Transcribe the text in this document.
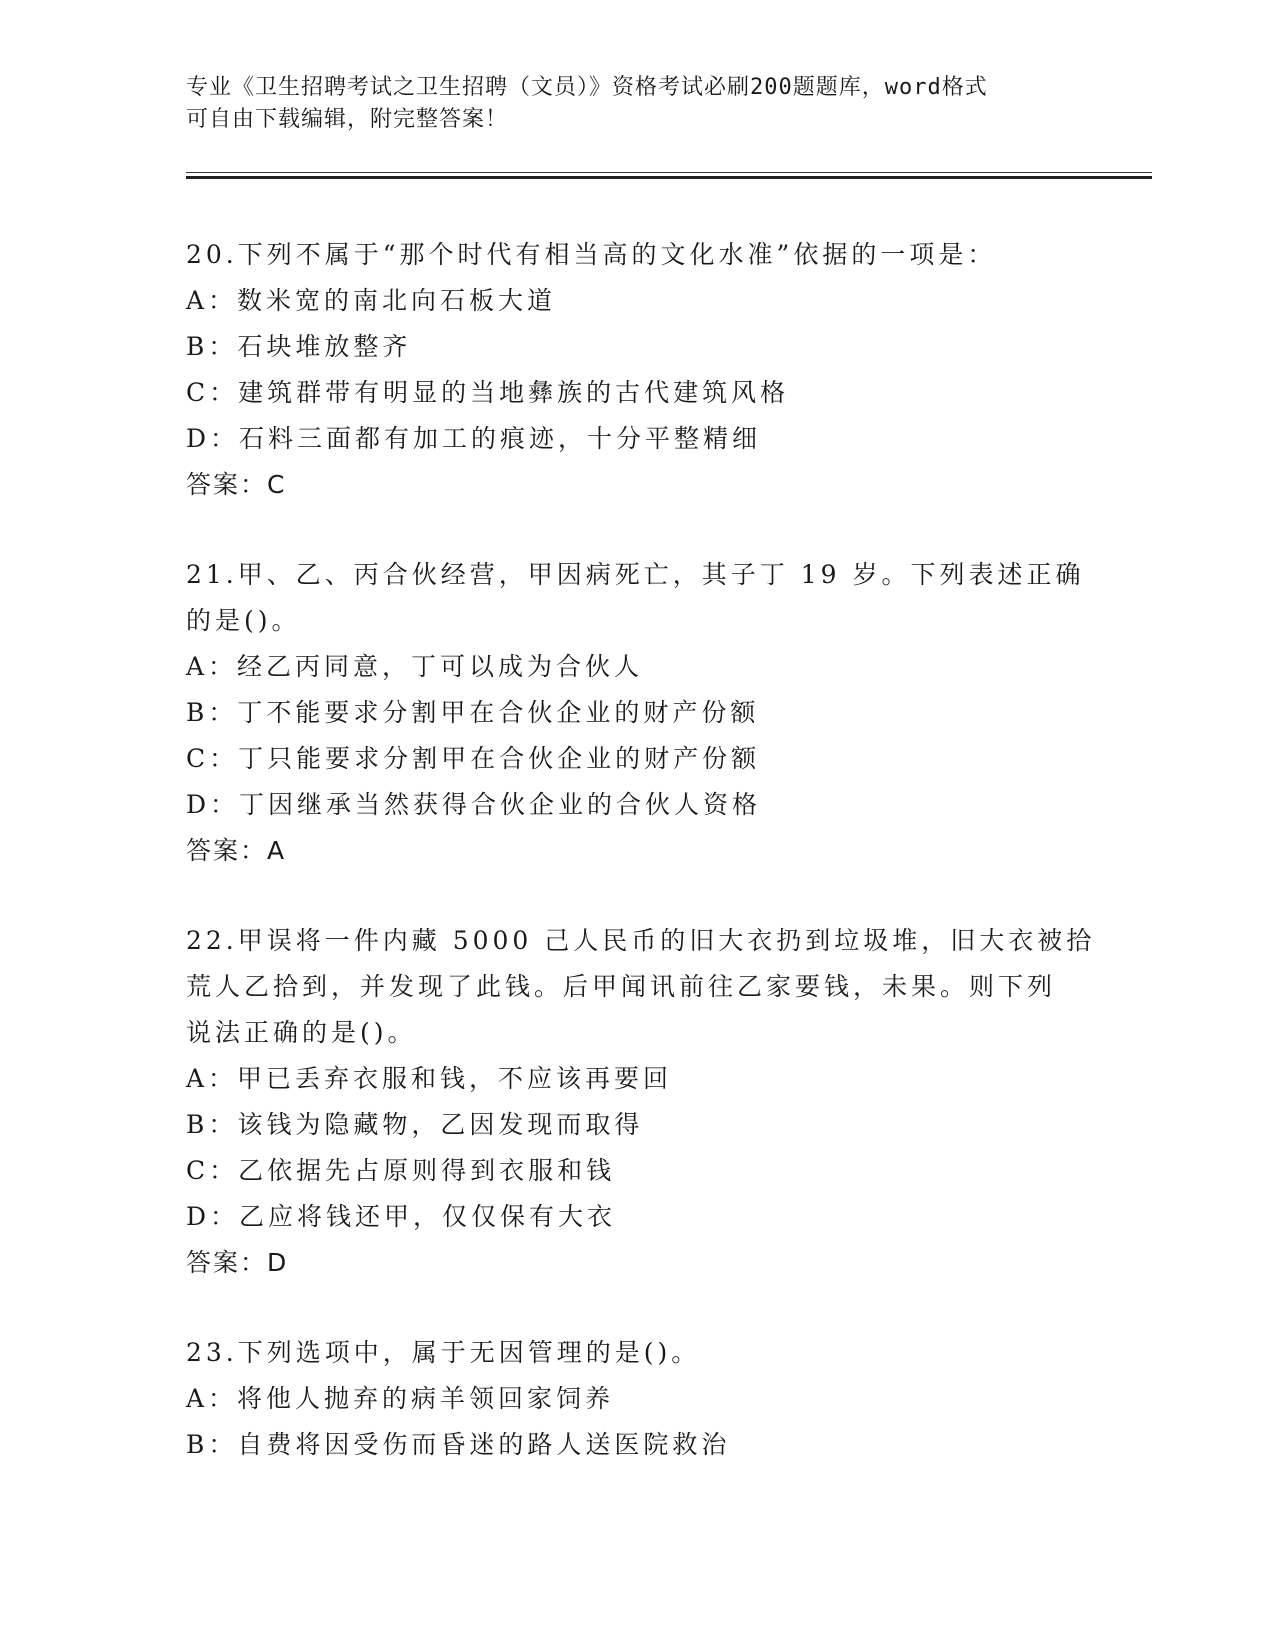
专业《卫生招聘考试之卫生招聘（文员）》资格考试必刷200题题库，word格式
可自由下载编辑，附完整答案！
20.下列不属于“那个时代有相当高的文化水准”依据的一项是：
A：数米宽的南北向石板大道
B：石块堆放整齐
C：建筑群带有明显的当地彝族的古代建筑风格
D：石料三面都有加工的痕迹，十分平整精细
答案：C
21.甲、乙、丙合伙经营，甲因病死亡，其子丁 19 岁。下列表述正确
的是()。
A：经乙丙同意，丁可以成为合伙人
B：丁不能要求分割甲在合伙企业的财产份额
C：丁只能要求分割甲在合伙企业的财产份额
D：丁因继承当然获得合伙企业的合伙人资格
答案：A
22.甲误将一件内藏 5000 己人民币的旧大衣扔到垃圾堆，旧大衣被拾
荒人乙拾到，并发现了此钱。后甲闻讯前往乙家要钱，未果。则下列
说法正确的是()。
A：甲已丢弃衣服和钱，不应该再要回
B：该钱为隐藏物，乙因发现而取得
C：乙依据先占原则得到衣服和钱
D：乙应将钱还甲，仅仅保有大衣
答案：D
23.下列选项中，属于无因管理的是()。
A：将他人抛弃的病羊领回家饲养
B：自费将因受伤而昏迷的路人送医院救治
